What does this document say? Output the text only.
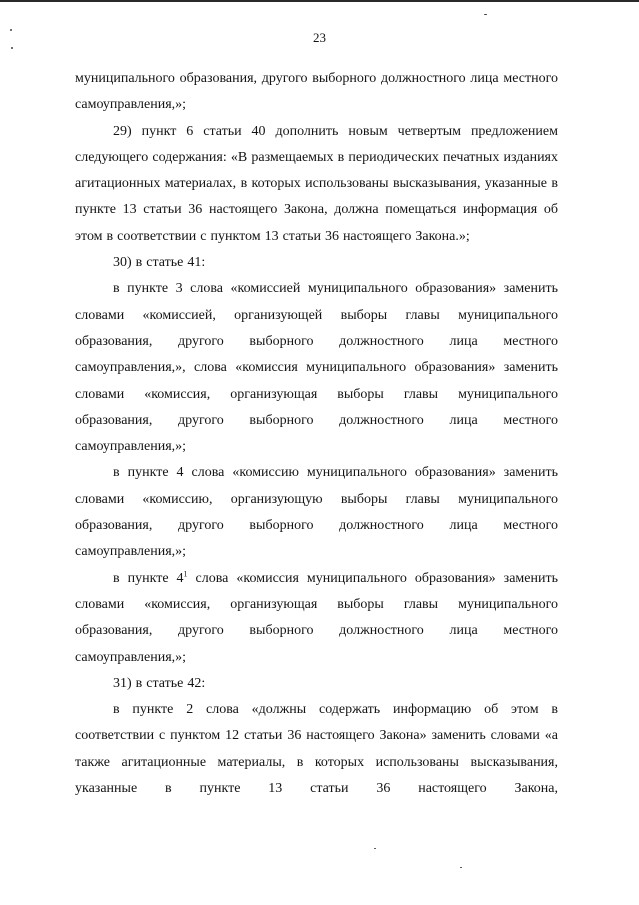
23

муниципального образования, другого выборного должностного лица местного самоуправления,»;

29) пункт 6 статьи 40 дополнить новым четвертым предложением следующего содержания: «В размещаемых в периодических печатных изданиях агитационных материалах, в которых использованы высказывания, указанные в пункте 13 статьи 36 настоящего Закона, должна помещаться информация об этом в соответствии с пунктом 13 статьи 36 настоящего Закона.»;

30) в статье 41:

в пункте 3 слова «комиссией муниципального образования» заменить словами «комиссией, организующей выборы главы муниципального образования, другого выборного должностного лица местного самоуправления,», слова «комиссия муниципального образования» заменить словами «комиссия, организующая выборы главы муниципального образования, другого выборного должностного лица местного самоуправления,»;

в пункте 4 слова «комиссию муниципального образования» заменить словами «комиссию, организующую выборы главы муниципального образования, другого выборного должностного лица местного самоуправления,»;

в пункте $4^1$ слова «комиссия муниципального образования» заменить словами «комиссия, организующая выборы главы муниципального образования, другого выборного должностного лица местного самоуправления,»;

31) в статье 42:

в пункте 2 слова «должны содержать информацию об этом в соответствии с пунктом 12 статьи 36 настоящего Закона» заменить словами «а также агитационные материалы, в которых использованы высказывания, указанные в пункте 13 статьи 36 настоящего Закона,
